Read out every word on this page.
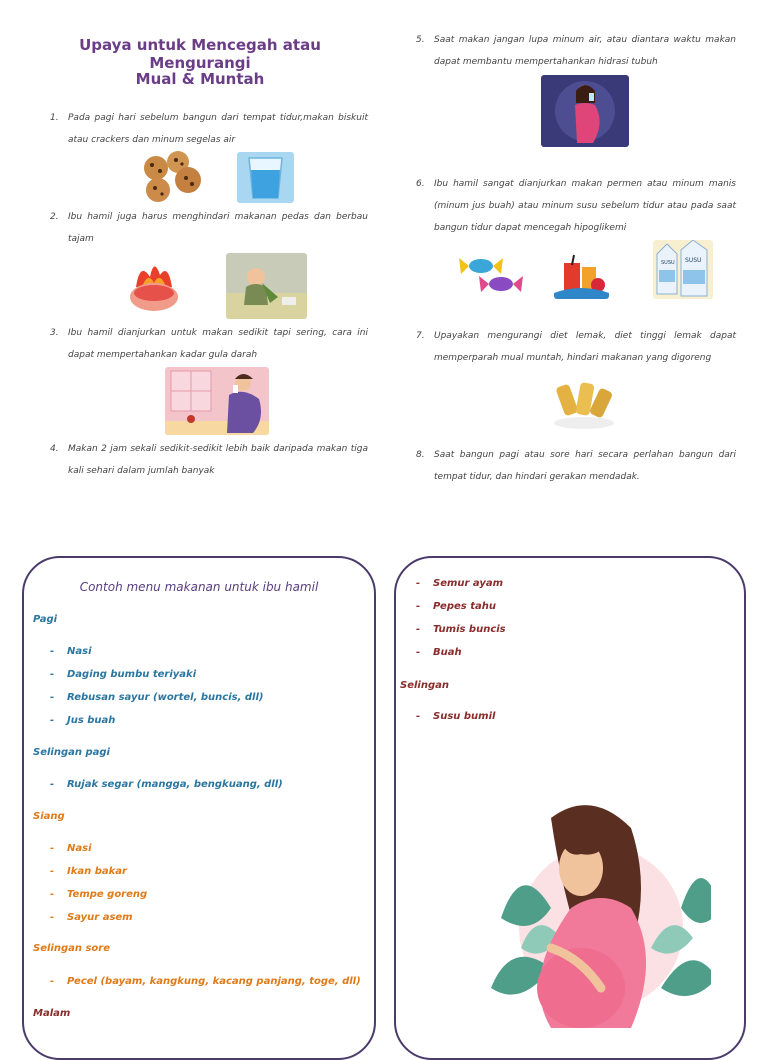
Upaya untuk Mencegah atau Mengurangi
Mual & Muntah
1. Pada pagi hari sebelum bangun dari tempat tidur,makan biskuit atau crackers dan minum segelas air
2. Ibu hamil juga harus menghindari makanan pedas dan berbau tajam
3. Ibu hamil dianjurkan untuk makan sedikit tapi sering, cara ini dapat mempertahankan kadar gula darah
4. Makan 2 jam sekali sedikit-sedikit lebih baik daripada makan tiga kali sehari dalam jumlah banyak
5. Saat makan jangan lupa minum air, atau diantara waktu makan dapat membantu mempertahankan hidrasi tubuh
6. Ibu hamil sangat dianjurkan makan permen atau minum manis (minum jus buah) atau minum susu sebelum tidur atau pada saat bangun tidur dapat mencegah hipoglikemi
SUSU SUSU
7. Upayakan mengurangi diet lemak, diet tinggi lemak dapat memperparah mual muntah, hindari makanan yang digoreng
8. Saat bangun pagi atau sore hari secara perlahan bangun dari tempat tidur, dan hindari gerakan mendadak.
Contoh menu makanan untuk ibu hamil
Pagi
- Nasi
- Daging bumbu teriyaki
- Rebusan sayur (wortel, buncis, dll)
- Jus buah
Selingan pagi
- Rujak segar (mangga, bengkuang, dll)
Siang
- Nasi
- Ikan bakar
- Tempe goreng
- Sayur asem
Selingan sore
- Pecel (bayam, kangkung, kacang panjang, toge, dll)
Malam
- Semur ayam
- Pepes tahu
- Tumis buncis
- Buah
Selingan
- Susu bumil
